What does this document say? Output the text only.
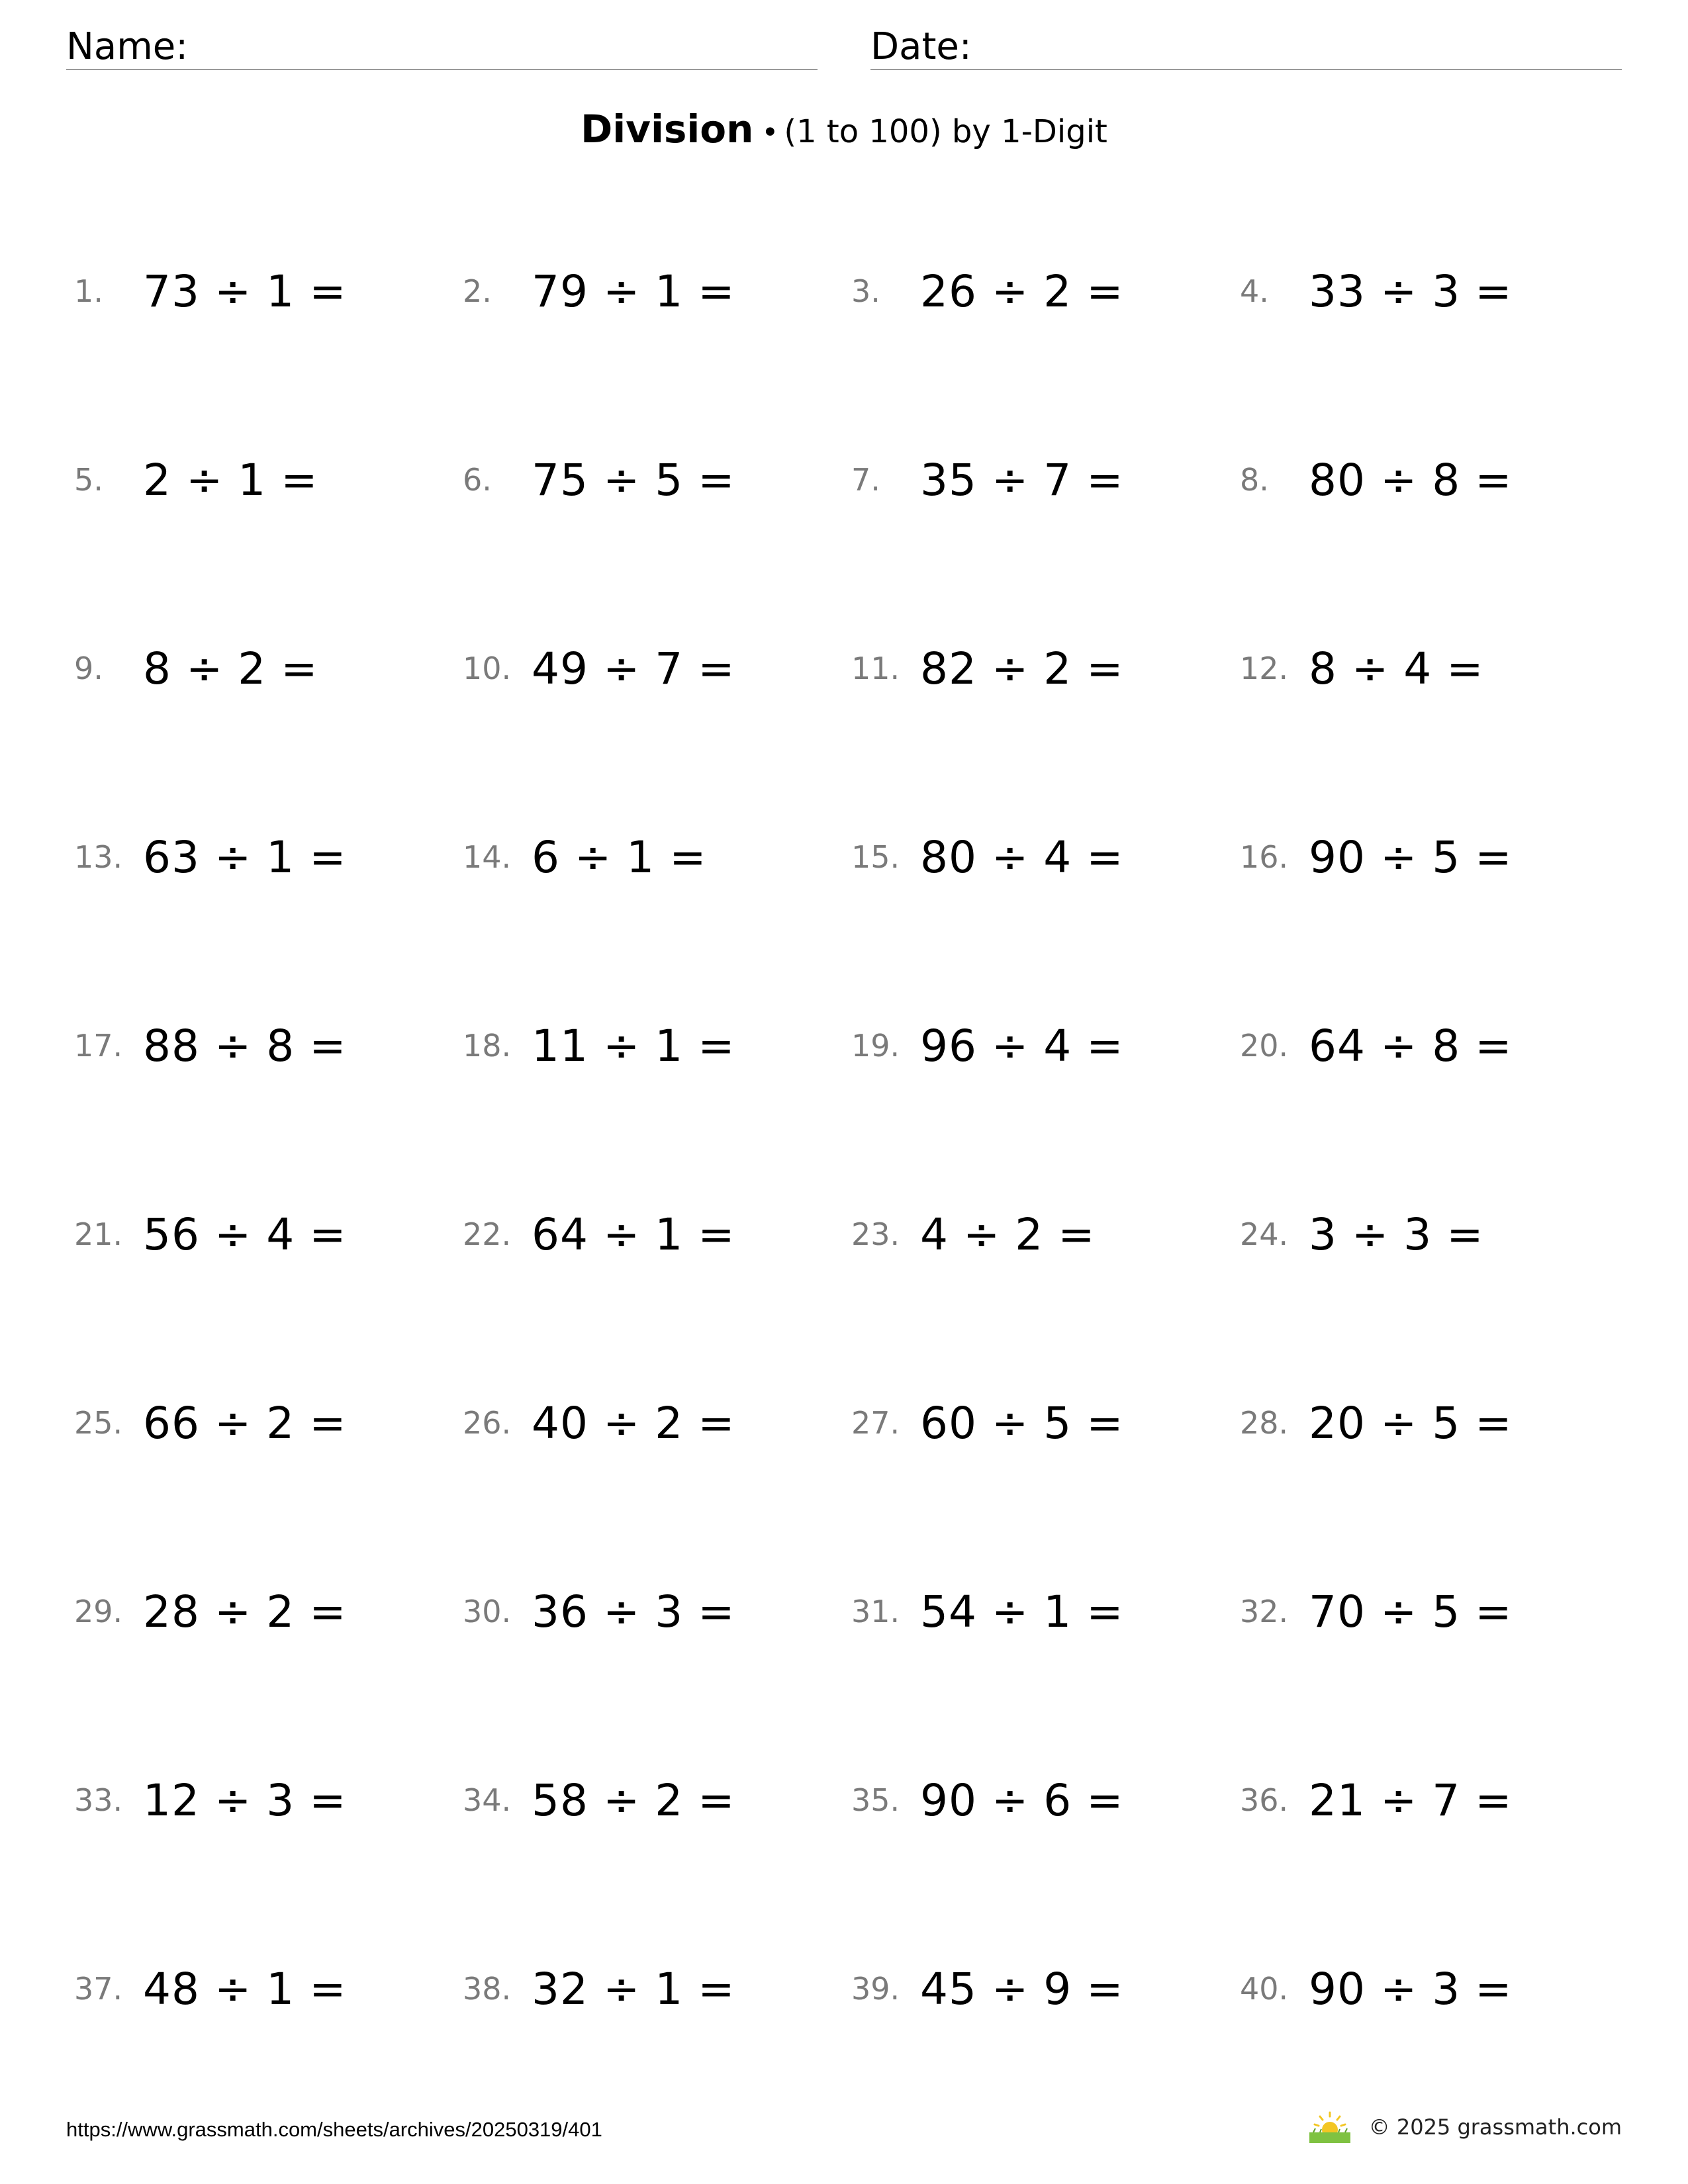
Name:	Date:
Division • (1 to 100) by 1-Digit
1. 73 ÷ 1 =	2. 79 ÷ 1 =	3. 26 ÷ 2 =	4. 33 ÷ 3 =
5. 2 ÷ 1 =	6. 75 ÷ 5 =	7. 35 ÷ 7 =	8. 80 ÷ 8 =
9. 8 ÷ 2 =	10. 49 ÷ 7 =	11. 82 ÷ 2 =	12. 8 ÷ 4 =
13. 63 ÷ 1 =	14. 6 ÷ 1 =	15. 80 ÷ 4 =	16. 90 ÷ 5 =
17. 88 ÷ 8 =	18. 11 ÷ 1 =	19. 96 ÷ 4 =	20. 64 ÷ 8 =
21. 56 ÷ 4 =	22. 64 ÷ 1 =	23. 4 ÷ 2 =	24. 3 ÷ 3 =
25. 66 ÷ 2 =	26. 40 ÷ 2 =	27. 60 ÷ 5 =	28. 20 ÷ 5 =
29. 28 ÷ 2 =	30. 36 ÷ 3 =	31. 54 ÷ 1 =	32. 70 ÷ 5 =
33. 12 ÷ 3 =	34. 58 ÷ 2 =	35. 90 ÷ 6 =	36. 21 ÷ 7 =
37. 48 ÷ 1 =	38. 32 ÷ 1 =	39. 45 ÷ 9 =	40. 90 ÷ 3 =
https://www.grassmath.com/sheets/archives/20250319/401	© 2025 grassmath.com
